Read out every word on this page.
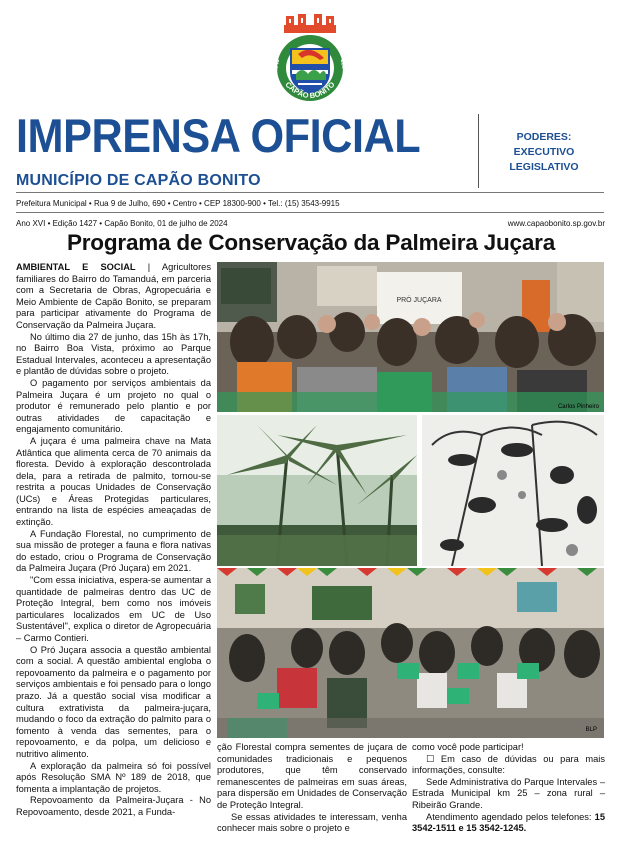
CAPÃO BONITO
1843	1857
IMPRENSA OFICIAL
MUNICÍPIO DE CAPÃO BONITO
PODERES:
EXECUTIVO
LEGISLATIVO
Prefeitura Municipal • Rua 9 de Julho, 690 • Centro • CEP 18300-900 • Tel.: (15) 3543-9915
Ano XVI • Edição 1427 • Capão Bonito, 01 de julho de 2024	www.capaobonito.sp.gov.br
Programa de Conservação da Palmeira Juçara

AMBIENTAL E SOCIAL | Agricultores familiares do Bairro do Tamanduá, em parceria com a Secretaria de Obras, Agropecuária e Meio Ambiente de Capão Bonito, se preparam para participar ativamente do Programa de Conservação da Palmeira Juçara.

No último dia 27 de junho, das 15h às 17h, no Bairro Boa Vista, próximo ao Parque Estadual Intervales, aconteceu a apresentação e plantão de dúvidas sobre o projeto.

O pagamento por serviços ambientais da Palmeira Juçara é um projeto no qual o produtor é remunerado pelo plantio e por outras atividades de capacitação e engajamento comunitário.

A juçara é uma palmeira chave na Mata Atlântica que alimenta cerca de 70 animais da floresta. Devido à exploração descontrolada dela, para a retirada de palmito, tornou-se restrita a poucas Unidades de Conservação (UCs) e Áreas Protegidas particulares, entrando na lista de espécies ameaçadas de extinção.

A Fundação Florestal, no cumprimento de sua missão de proteger a fauna e flora nativas do estado, criou o Programa de Conservação da Palmeira Juçara (Pró Juçara) em 2021.

"Com essa iniciativa, espera-se aumentar a quantidade de palmeiras dentro das UC de Proteção Integral, bem como nos imóveis particulares localizados em UC de Uso Sustentável", explica o diretor de Agropecuária – Carmo Contieri.

O Pró Juçara associa a questão ambiental com a social. A questão ambiental engloba o repovoamento da palmeira e o pagamento por serviços ambientais e foi pensado para o longo prazo. Já a questão social visa modificar a cultura extrativista da palmeira-juçara, mudando o foco da extração do palmito para o fomento à venda das sementes, para o repovoamento, e da polpa, um delicioso e nutritivo alimento.

A exploração da palmeira só foi possível após Resolução SMA Nº 189 de 2018, que fomenta a implantação de projetos.

Repovoamento da Palmeira-Juçara - No Repovoamento, desde 2021, a Funda-

PRÓ JUÇARA
Carlos Pinheiro
BLP

ção Florestal compra sementes de juçara de comunidades tradicionais e pequenos produtores, que têm conservado remanescentes de palmeiras em suas áreas, para dispersão em Unidades de Conservação de Proteção Integral.

Se essas atividades te interessam, venha conhecer mais sobre o projeto e

como você pode participar!

☐ Em caso de dúvidas ou para mais informações, consulte:

Sede Administrativa do Parque Intervales – Estrada Municipal km 25 – zona rural – Ribeirão Grande.

Atendimento agendado pelos telefones: 15 3542-1511 e 15 3542-1245.
